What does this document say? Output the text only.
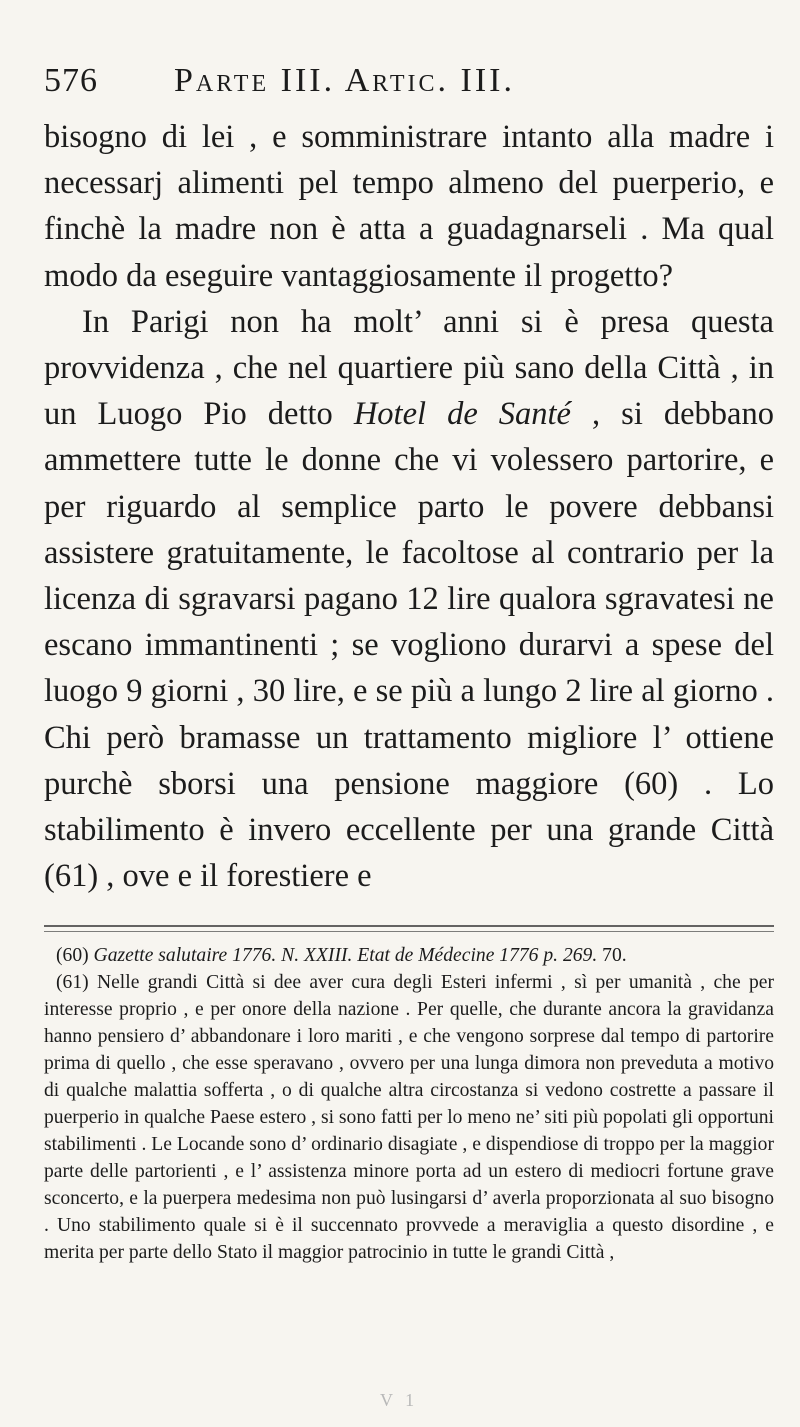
576	Parte III. Artic. III.

bisogno di lei , e somministrare intanto alla madre i necessarj alimenti pel tempo almeno del puerperio, e finchè la madre non è atta a guadagnarseli . Ma qual modo da eseguire vantaggiosamente il progetto?

In Parigi non ha molt’ anni si è presa questa provvidenza , che nel quartiere più sano della Città , in un Luogo Pio detto Hotel de Santé , si debbano ammettere tutte le donne che vi volessero partorire, e per riguardo al semplice parto le povere debbansi assistere gratuitamente, le facoltose al contrario per la licenza di sgravarsi pagano 12 lire qualora sgravatesi ne escano immantinenti ; se vogliono durarvi a spese del luogo 9 giorni , 30 lire, e se più a lungo 2 lire al giorno . Chi però bramasse un trattamento migliore l’ ottiene purchè sborsi una pensione maggiore (60) . Lo stabilimento è invero eccellente per una grande Città (61) , ove e il forestiere e

(60) Gazette salutaire 1776. N. XXIII. Etat de Médecine 1776 p. 269. 70.

(61) Nelle grandi Città si dee aver cura degli Esteri infermi , sì per umanità , che per interesse proprio , e per onore della nazione . Per quelle, che durante ancora la gravidanza hanno pensiero d’ abbandonare i loro mariti , e che vengono sorprese dal tempo di partorire prima di quello , che esse speravano , ovvero per una lunga dimora non preveduta a motivo di qualche malattia sofferta , o di qualche altra circostanza si vedono costrette a passare il puerperio in qualche Paese estero , si sono fatti per lo meno ne’ siti più popolati gli opportuni stabilimenti . Le Locande sono d’ ordinario disagiate , e dispendiose di troppo per la maggior parte delle partorienti , e l’ assistenza minore porta ad un estero di mediocri fortune grave sconcerto, e la puerpera medesima non può lusingarsi d’ averla proporzionata al suo bisogno . Uno stabilimento quale si è il succennato provvede a meraviglia a questo disordine , e merita per parte dello Stato il maggior patrocinio in tutte le grandi Città ,

V 1
